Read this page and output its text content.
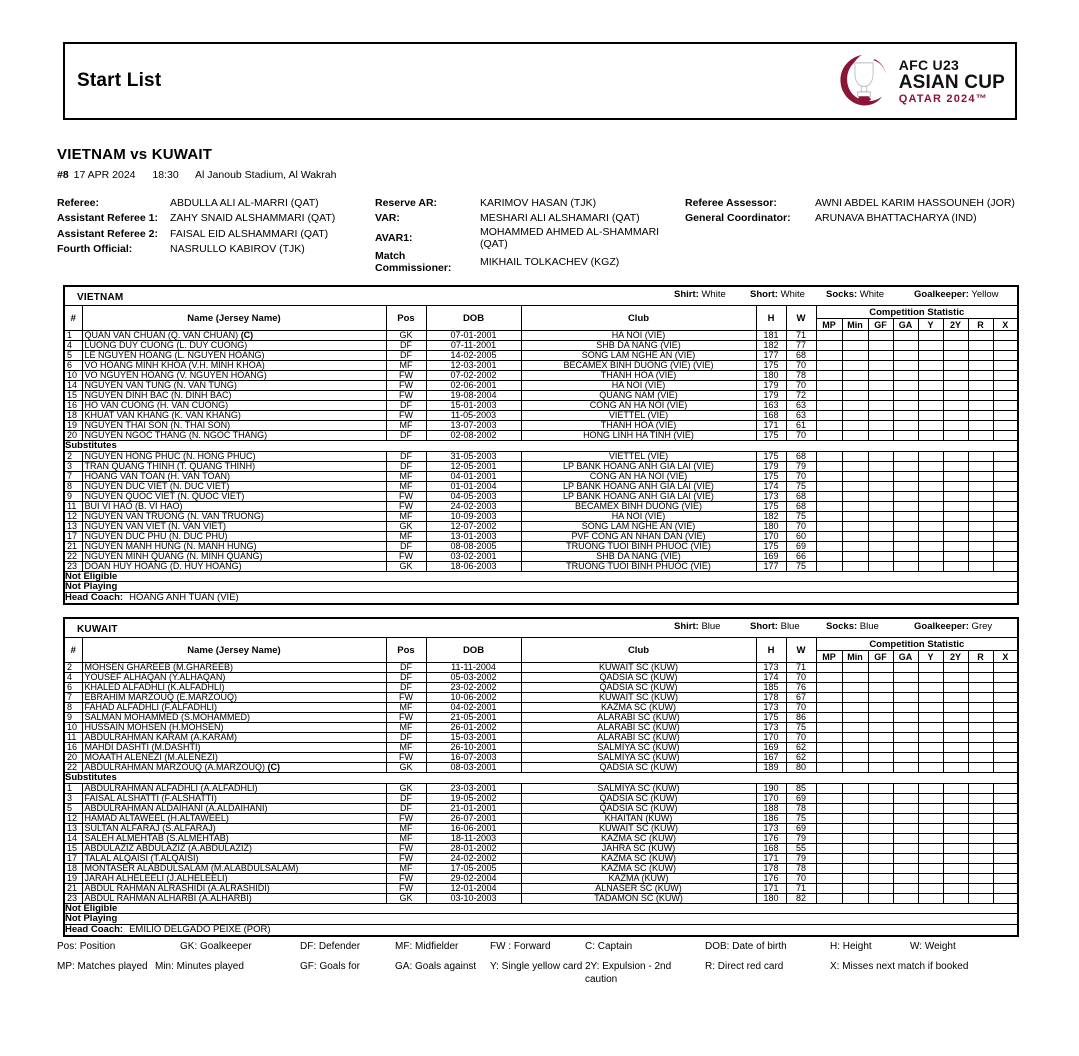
Start List
AFC U23
ASIAN CUP
QATAR 2024™
VIETNAM vs KUWAIT
#8 17 APR 2024 18:30 Al Janoub Stadium, Al Wakrah
Referee:	ABDULLA ALI AL-MARRI (QAT)
Assistant Referee 1:	ZAHY SNAID ALSHAMMARI (QAT)
Assistant Referee 2:	FAISAL EID ALSHAMMARI (QAT)
Fourth Official:	NASRULLO KABIROV (TJK)
Reserve AR:	KARIMOV HASAN (TJK)
VAR:	MESHARI ALI ALSHAMARI (QAT)
AVAR1:	MOHAMMED AHMED AL-SHAMMARI (QAT)
Match Commissioner:	MIKHAIL TOLKACHEV (KGZ)
Referee Assessor:	AWNI ABDEL KARIM HASSOUNEH (JOR)
General Coordinator:	ARUNAVA BHATTACHARYA (IND)
VIETNAM Shirt: White Short: White Socks: White Goalkeeper: Yellow														

#	Name (Jersey Name)	Pos	DOB	Club	H	W	Competition Statistic							
							MP	Min	GF	GA	Y	2Y	R	X
1	QUAN VAN CHUAN (Q. VAN CHUAN) (C)	GK	07-01-2001	HA NOI (VIE)	181	71								
4	LUONG DUY CUONG (L. DUY CUONG)	DF	07-11-2001	SHB DA NANG (VIE)	182	77								
5	LE NGUYEN HOANG (L. NGUYEN HOANG)	DF	14-02-2005	SONG LAM NGHE AN (VIE)	177	68								
6	VO HOANG MINH KHOA (V.H. MINH KHOA)	MF	12-03-2001	BECAMEX BINH DUONG (VIE) (VIE)	175	70								
10	VO NGUYEN HOANG (V. NGUYEN HOANG)	FW	07-02-2002	THANH HOA (VIE)	180	78								
14	NGUYEN VAN TUNG (N. VAN TUNG)	FW	02-06-2001	HA NOI (VIE)	179	70								
15	NGUYEN DINH BAC (N. DINH BAC)	FW	19-08-2004	QUANG NAM (VIE)	179	72								
16	HO VAN CUONG (H. VAN CUONG)	DF	15-01-2003	CONG AN HA NOI (VIE)	163	63								
18	KHUAT VAN KHANG (K. VAN KHANG)	FW	11-05-2003	VIETTEL (VIE)	168	63								
19	NGUYEN THAI SON (N. THAI SON)	MF	13-07-2003	THANH HOA (VIE)	171	61								
20	NGUYEN NGOC THANG (N. NGOC THANG)	DF	02-08-2002	HONG LINH HA TINH (VIE)	175	70								
Substitutes														
2	NGUYEN HONG PHUC (N. HONG PHUC)	DF	31-05-2003	VIETTEL (VIE)	175	68								
3	TRAN QUANG THINH (T. QUANG THINH)	DF	12-05-2001	LP BANK HOANG ANH GIA LAI (VIE)	179	79								
7	HOANG VAN TOAN (H. VAN TOAN)	MF	04-01-2001	CONG AN HA NOI (VIE)	175	70								
8	NGUYEN DUC VIET (N. DUC VIET)	MF	01-01-2004	LP BANK HOANG ANH GIA LAI (VIE)	174	75								
9	NGUYEN QUOC VIET (N. QUOC VIET)	FW	04-05-2003	LP BANK HOANG ANH GIA LAI (VIE)	173	68								
11	BUI VI HAO (B. VI HAO)	FW	24-02-2003	BECAMEX BINH DUONG (VIE)	175	68								
12	NGUYEN VAN TRUONG (N. VAN TRUONG)	MF	10-09-2003	HA NOI (VIE)	182	75								
13	NGUYEN VAN VIET (N. VAN VIET)	GK	12-07-2002	SONG LAM NGHE AN (VIE)	180	70								
17	NGUYEN DUC PHU (N. DUC PHU)	MF	13-01-2003	PVF CONG AN NHAN DAN (VIE)	170	60								
21	NGUYEN MANH HUNG (N. MANH HUNG)	DF	08-08-2005	TRUONG TUOI BINH PHUOC (VIE)	175	69								
22	NGUYEN MINH QUANG (N. MINH QUANG)	FW	03-02-2001	SHB DA NANG (VIE)	169	66								
23	DOAN HUY HOANG (D. HUY HOANG)	GK	18-06-2003	TRUONG TUOI BINH PHUOC (VIE)	177	75								
Not Eligible														
Not Playing														
Head Coach: HOANG ANH TUAN (VIE)														
KUWAIT Shirt: Blue Short: Blue Socks: Blue Goalkeeper: Grey														

#	Name (Jersey Name)	Pos	DOB	Club	H	W	Competition Statistic							
							MP	Min	GF	GA	Y	2Y	R	X
2	MOHSEN GHAREEB (M.GHAREEB)	DF	11-11-2004	KUWAIT SC (KUW)	173	71								
4	YOUSEF ALHAQAN (Y.ALHAQAN)	DF	05-03-2002	QADSIA SC (KUW)	174	70								
6	KHALED ALFADHLI (K.ALFADHLI)	DF	23-02-2002	QADSIA SC (KUW)	185	76								
7	EBRAHIM MARZOUQ (E.MARZOUQ)	FW	10-06-2002	KUWAIT SC (KUW)	178	67								
8	FAHAD ALFADHLI (F.ALFADHLI)	MF	04-02-2001	KAZMA SC (KUW)	173	70								
9	SALMAN MOHAMMED (S.MOHAMMED)	FW	21-05-2001	ALARABI SC (KUW)	175	86								
10	HUSSAIN MOHSEN (H.MOHSEN)	MF	26-01-2002	ALARABI SC (KUW)	173	75								
11	ABDULRAHMAN KARAM (A.KARAM)	DF	15-03-2001	ALARABI SC (KUW)	170	70								
16	MAHDI DASHTI (M.DASHTI)	MF	26-10-2001	SALMIYA SC (KUW)	169	62								
20	MOAATH ALENEZI (M.ALENEZI)	FW	16-07-2003	SALMIYA SC (KUW)	167	62								
22	ABDULRAHMAN MARZOUQ (A.MARZOUQ) (C)	GK	08-03-2001	QADSIA SC (KUW)	189	80								
Substitutes														
1	ABDULRAHMAN ALFADHLI (A.ALFADHLI)	GK	23-03-2001	SALMIYA SC (KUW)	190	85								
3	FAISAL ALSHATTI (F.ALSHATTI)	DF	19-05-2002	QADSIA SC (KUW)	170	69								
5	ABDULRAHMAN ALDAIHANI (A.ALDAIHANI)	DF	21-01-2001	QADSIA SC (KUW)	188	78								
12	HAMAD ALTAWEEL (H.ALTAWEEL)	FW	26-07-2001	KHAITAN (KUW)	186	75								
13	SULTAN ALFARAJ (S.ALFARAJ)	MF	16-06-2001	KUWAIT SC (KUW)	173	69								
14	SALEH ALMEHTAB (S.ALMEHTAB)	MF	18-11-2003	KAZMA SC (KUW)	176	79								
15	ABDULAZIZ ABDULAZIZ (A.ABDULAZIZ)	FW	28-01-2002	JAHRA SC (KUW)	168	55								
17	TALAL ALQAISI (T.ALQAISI)	FW	24-02-2002	KAZMA SC (KUW)	171	79								
18	MONTASER ALABDULSALAM (M.ALABDULSALAM)	MF	17-05-2005	KAZMA SC (KUW)	178	78								
19	JARAH ALHELEELI (J.ALHELEELI)	FW	29-02-2004	KAZMA (KUW)	176	70								
21	ABDUL RAHMAN ALRASHIDI (A.ALRASHIDI)	FW	12-01-2004	ALNASER SC (KUW)	171	71								
23	ABDUL RAHMAN ALHARBI (A.ALHARBI)	GK	03-10-2003	TADAMON SC (KUW)	180	82								
Not Eligible														
Not Playing														
Head Coach: EMILIO DELGADO PEIXE (POR)														
Pos: Position	GK: Goalkeeper	DF: Defender	MF: Midfielder	FW : Forward	C: Captain	DOB: Date of birth	H: Height	W: Weight
MP: Matches played Min: Minutes played	GF: Goals for	GA: Goals against Y: Single yellow card 2Y: Expulsion - 2nd caution
R: Direct red card	X: Misses next match if booked
